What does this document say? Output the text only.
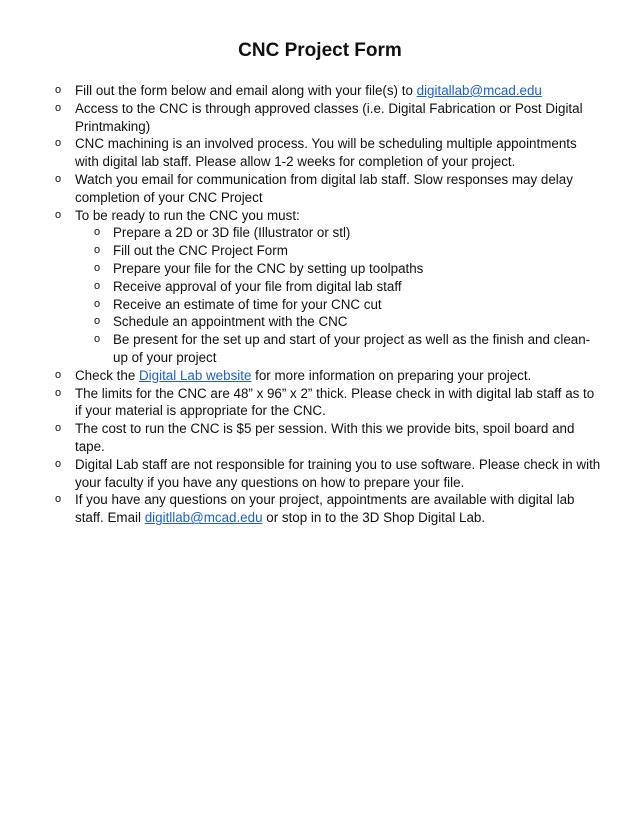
CNC Project Form
o Fill out the form below and email along with your file(s) to digitallab@mcad.edu
o Access to the CNC is through approved classes (i.e. Digital Fabrication or Post Digital Printmaking)
o CNC machining is an involved process. You will be scheduling multiple appointments with digital lab staff. Please allow 1-2 weeks for completion of your project.
o Watch you email for communication from digital lab staff. Slow responses may delay completion of your CNC Project
o To be ready to run the CNC you must:
o Prepare a 2D or 3D file (Illustrator or stl)
o Fill out the CNC Project Form
o Prepare your file for the CNC by setting up toolpaths
o Receive approval of your file from digital lab staff
o Receive an estimate of time for your CNC cut
o Schedule an appointment with the CNC
o Be present for the set up and start of your project as well as the finish and clean-up of your project
o Check the Digital Lab website for more information on preparing your project.
o The limits for the CNC are 48” x 96” x 2” thick. Please check in with digital lab staff as to if your material is appropriate for the CNC.
o The cost to run the CNC is $5 per session. With this we provide bits, spoil board and tape.
o Digital Lab staff are not responsible for training you to use software. Please check in with your faculty if you have any questions on how to prepare your file.
o If you have any questions on your project, appointments are available with digital lab staff. Email digitllab@mcad.edu or stop in to the 3D Shop Digital Lab.
